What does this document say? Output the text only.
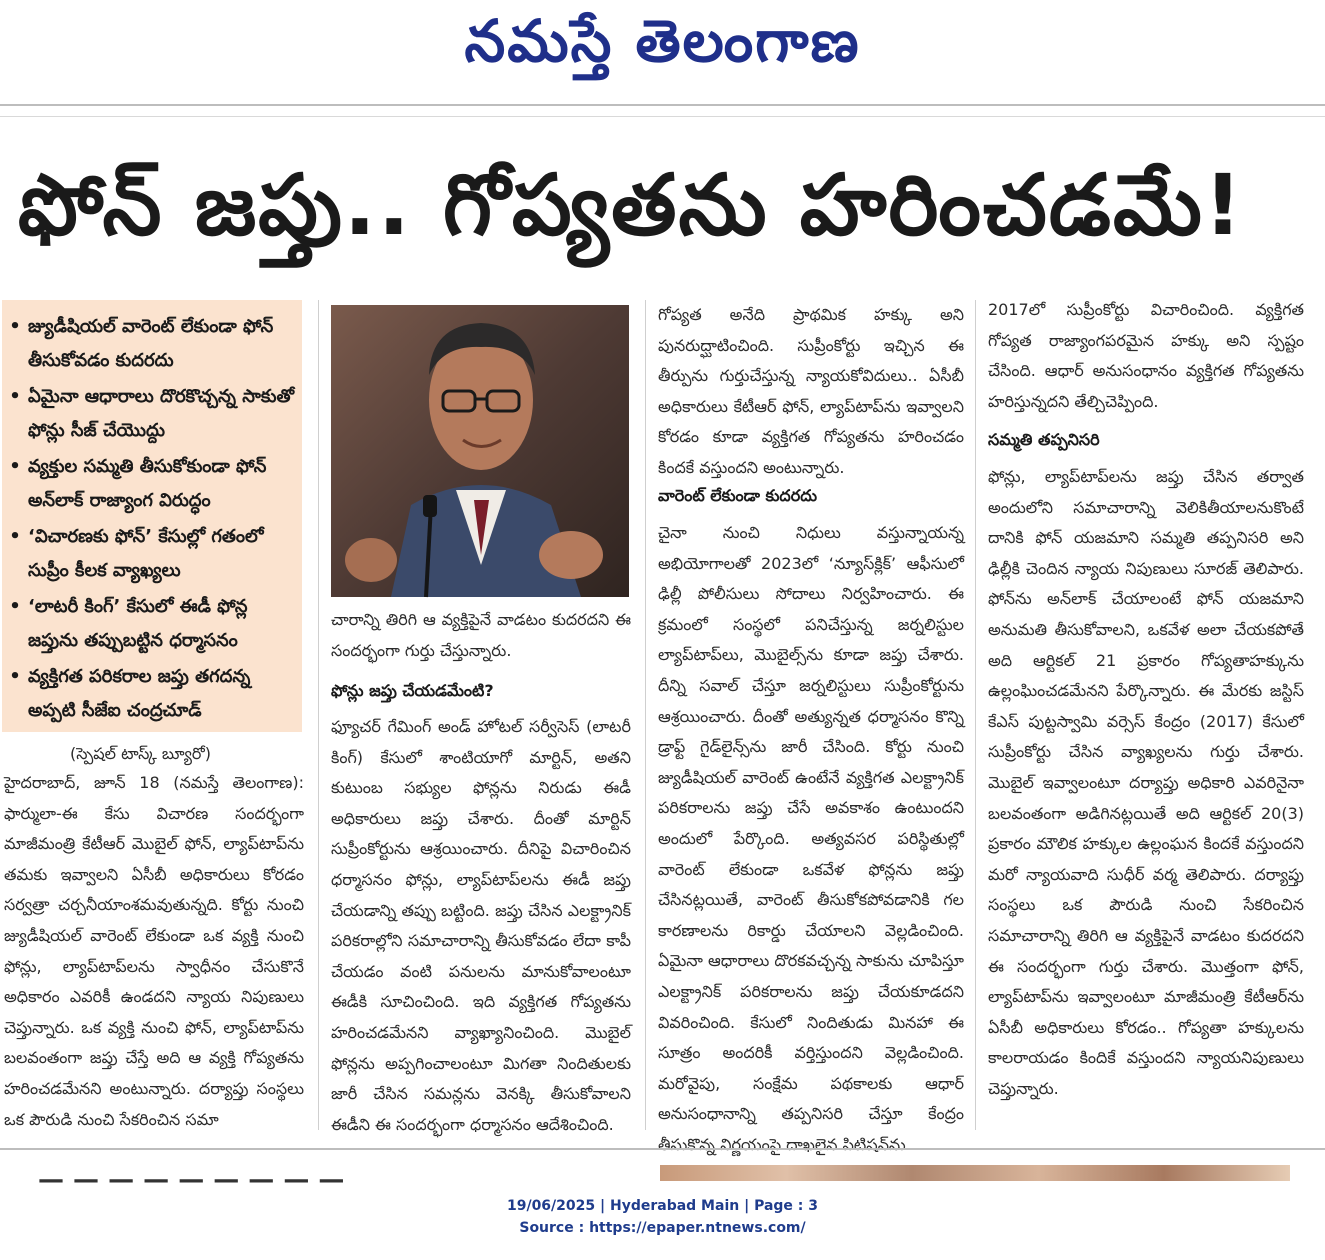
నమస్తే తెలంగాణ
ఫోన్ జప్తు.. గోప్యతను హరించడమే!
• జ్యుడీషియల్ వారెంట్ లేకుండా ఫోన్ తీసుకోవడం కుదరదు
• ఏమైనా ఆధారాలు దొరకొచ్చన్న సాకుతో ఫోన్లు సీజ్ చేయొద్దు
• వ్యక్తుల సమ్మతి తీసుకోకుండా ఫోన్ అన్‌లాక్ రాజ్యాంగ విరుద్ధం
• ‘విచారణకు ఫోన్’ కేసుల్లో గతంలో సుప్రీం కీలక వ్యాఖ్యలు
• ‘లాటరీ కింగ్’ కేసులో ఈడీ ఫోన్ల జప్తును తప్పుబట్టిన ధర్మాసనం
• వ్యక్తిగత పరికరాల జప్తు తగదన్న అప్పటి సీజేఐ చంద్రచూడ్
(స్పెషల్ టాస్క్ బ్యూరో)

హైదరాబాద్, జూన్ 18 (నమస్తే తెలంగాణ): ఫార్ములా-ఈ కేసు విచారణ సందర్భంగా మాజీమంత్రి కేటీఆర్ మొబైల్ ఫోన్, ల్యాప్‌టాప్‌ను తమకు ఇవ్వాలని ఏసీబీ అధికారులు కోరడం సర్వత్రా చర్చనీయాంశమవుతున్నది. కోర్టు నుంచి జ్యుడీషియల్ వారెంట్ లేకుండా ఒక వ్యక్తి నుంచి ఫోన్లు, ల్యాప్‌టాప్‌లను స్వాధీనం చేసుకొనే అధికారం ఎవరికీ ఉండదని న్యాయ నిపుణులు చెప్తున్నారు. ఒక వ్యక్తి నుంచి ఫోన్, ల్యాప్‌టాప్‌ను బలవంతంగా జప్తు చేస్తే అది ఆ వ్యక్తి గోప్యతను హరించడమేనని అంటున్నారు. దర్యాప్తు సంస్థలు ఒక పౌరుడి నుంచి సేకరించిన సమా

చారాన్ని తిరిగి ఆ వ్యక్తిపైనే వాడటం కుదరదని ఈ సందర్భంగా గుర్తు చేస్తున్నారు.

ఫోన్లు జప్తు చేయడమేంటి?

ఫ్యూచర్ గేమింగ్ అండ్ హోటల్ సర్వీసెస్ (లాటరీ కింగ్) కేసులో శాంటియాగో మార్టిన్, అతని కుటుంబ సభ్యుల ఫోన్లను నిరుడు ఈడీ అధికారులు జప్తు చేశారు. దీంతో మార్టిన్ సుప్రీంకోర్టును ఆశ్రయించారు. దీనిపై విచారించిన ధర్మాసనం ఫోన్లు, ల్యాప్‌టాప్‌లను ఈడీ జప్తు చేయడాన్ని తప్పు బట్టింది. జప్తు చేసిన ఎలక్ట్రానిక్ పరికరాల్లోని సమాచారాన్ని తీసుకోవడం లేదా కాపీ చేయడం వంటి పనులను మానుకోవాలంటూ ఈడీకి సూచించింది. ఇది వ్యక్తిగత గోప్యతను హరించడమేనని వ్యాఖ్యానించింది. మొబైల్ ఫోన్లను అప్పగించాలంటూ మిగతా నిందితులకు జారీ చేసిన సమన్లను వెనక్కి తీసుకోవాలని ఈడీని ఈ సందర్భంగా ధర్మాసనం ఆదేశించింది.

గోప్యత అనేది ప్రాథమిక హక్కు అని పునరుద్ఘాటించింది. సుప్రీంకోర్టు ఇచ్చిన ఈ తీర్పును గుర్తుచేస్తున్న న్యాయకోవిదులు.. ఏసీబీ అధికారులు కేటీఆర్ ఫోన్, ల్యాప్‌టాప్‌ను ఇవ్వాలని కోరడం కూడా వ్యక్తిగత గోప్యతను హరించడం కిందకే వస్తుందని అంటున్నారు.

వారెంట్ లేకుండా కుదరదు

చైనా నుంచి నిధులు వస్తున్నాయన్న అభియోగాలతో 2023లో ‘న్యూస్‌క్లిక్’ ఆఫీసులో ఢిల్లీ పోలీసులు సోదాలు నిర్వహించారు. ఈ క్రమంలో సంస్థలో పనిచేస్తున్న జర్నలిస్టుల ల్యాప్‌టాప్‌లు, మొబైల్స్‌ను కూడా జప్తు చేశారు. దీన్ని సవాల్ చేస్తూ జర్నలిస్టులు సుప్రీంకోర్టును ఆశ్రయించారు. దీంతో అత్యున్నత ధర్మాసనం కొన్ని డ్రాఫ్ట్ గైడ్‌లైన్స్‌ను జారీ చేసింది. కోర్టు నుంచి జ్యుడీషియల్ వారెంట్ ఉంటేనే వ్యక్తిగత ఎలక్ట్రానిక్ పరికరాలను జప్తు చేసే అవకాశం ఉంటుందని అందులో పేర్కొంది. అత్యవసర పరిస్థితుల్లో వారెంట్ లేకుండా ఒకవేళ ఫోన్లను జప్తు చేసినట్లయితే, వారెంట్ తీసుకోకపోవడానికి గల కారణాలను రికార్డు చేయాలని వెల్లడించింది. ఏమైనా ఆధారాలు దొరకవచ్చన్న సాకును చూపిస్తూ ఎలక్ట్రానిక్ పరికరాలను జప్తు చేయకూడదని వివరించింది. కేసులో నిందితుడు మినహా ఈ సూత్రం అందరికీ వర్తిస్తుందని వెల్లడించింది. మరోవైపు, సంక్షేమ పథకాలకు ఆధార్ అనుసంధానాన్ని తప్పనిసరి చేస్తూ కేంద్రం తీసుకొన్న నిర్ణయంపై దాఖలైన పిటిషన్‌ను

2017లో సుప్రీంకోర్టు విచారించింది. వ్యక్తిగత గోప్యత రాజ్యాంగపరమైన హక్కు అని స్పష్టం చేసింది. ఆధార్ అనుసంధానం వ్యక్తిగత గోప్యతను హరిస్తున్నదని తేల్చిచెప్పింది.

సమ్మతి తప్పనిసరి

ఫోన్లు, ల్యాప్‌టాప్‌లను జప్తు చేసిన తర్వాత అందులోని సమాచారాన్ని వెలికితీయాలనుకొంటే దానికి ఫోన్ యజమాని సమ్మతి తప్పనిసరి అని ఢిల్లీకి చెందిన న్యాయ నిపుణులు సూరజ్ తెలిపారు. ఫోన్‌ను అన్‌లాక్ చేయాలంటే ఫోన్ యజమాని అనుమతి తీసుకోవాలని, ఒకవేళ అలా చేయకపోతే అది ఆర్టికల్ 21 ప్రకారం గోప్యతాహక్కును ఉల్లంఘించడమేనని పేర్కొన్నారు. ఈ మేరకు జస్టిస్ కేఎస్ పుట్టస్వామి వర్సెస్ కేంద్రం (2017) కేసులో సుప్రీంకోర్టు చేసిన వ్యాఖ్యలను గుర్తు చేశారు. మొబైల్ ఇవ్వాలంటూ దర్యాప్తు అధికారి ఎవరినైనా బలవంతంగా అడిగినట్లయితే అది ఆర్టికల్ 20(3) ప్రకారం మౌలిక హక్కుల ఉల్లంఘన కిందకే వస్తుందని మరో న్యాయవాది సుధీర్ వర్మ తెలిపారు. దర్యాప్తు సంస్థలు ఒక పౌరుడి నుంచి సేకరించిన సమాచారాన్ని తిరిగి ఆ వ్యక్తిపైనే వాడటం కుదరదని ఈ సందర్భంగా గుర్తు చేశారు. మొత్తంగా ఫోన్, ల్యాప్‌టాప్‌ను ఇవ్వాలంటూ మాజీమంత్రి కేటీఆర్‌ను ఏసీబీ అధికారులు కోరడం.. గోప్యతా హక్కులను కాలరాయడం కిందికే వస్తుందని న్యాయనిపుణులు చెప్తున్నారు.

— — — — — — — — —
19/06/2025 | Hyderabad Main | Page : 3
Source : https://epaper.ntnews.com/
